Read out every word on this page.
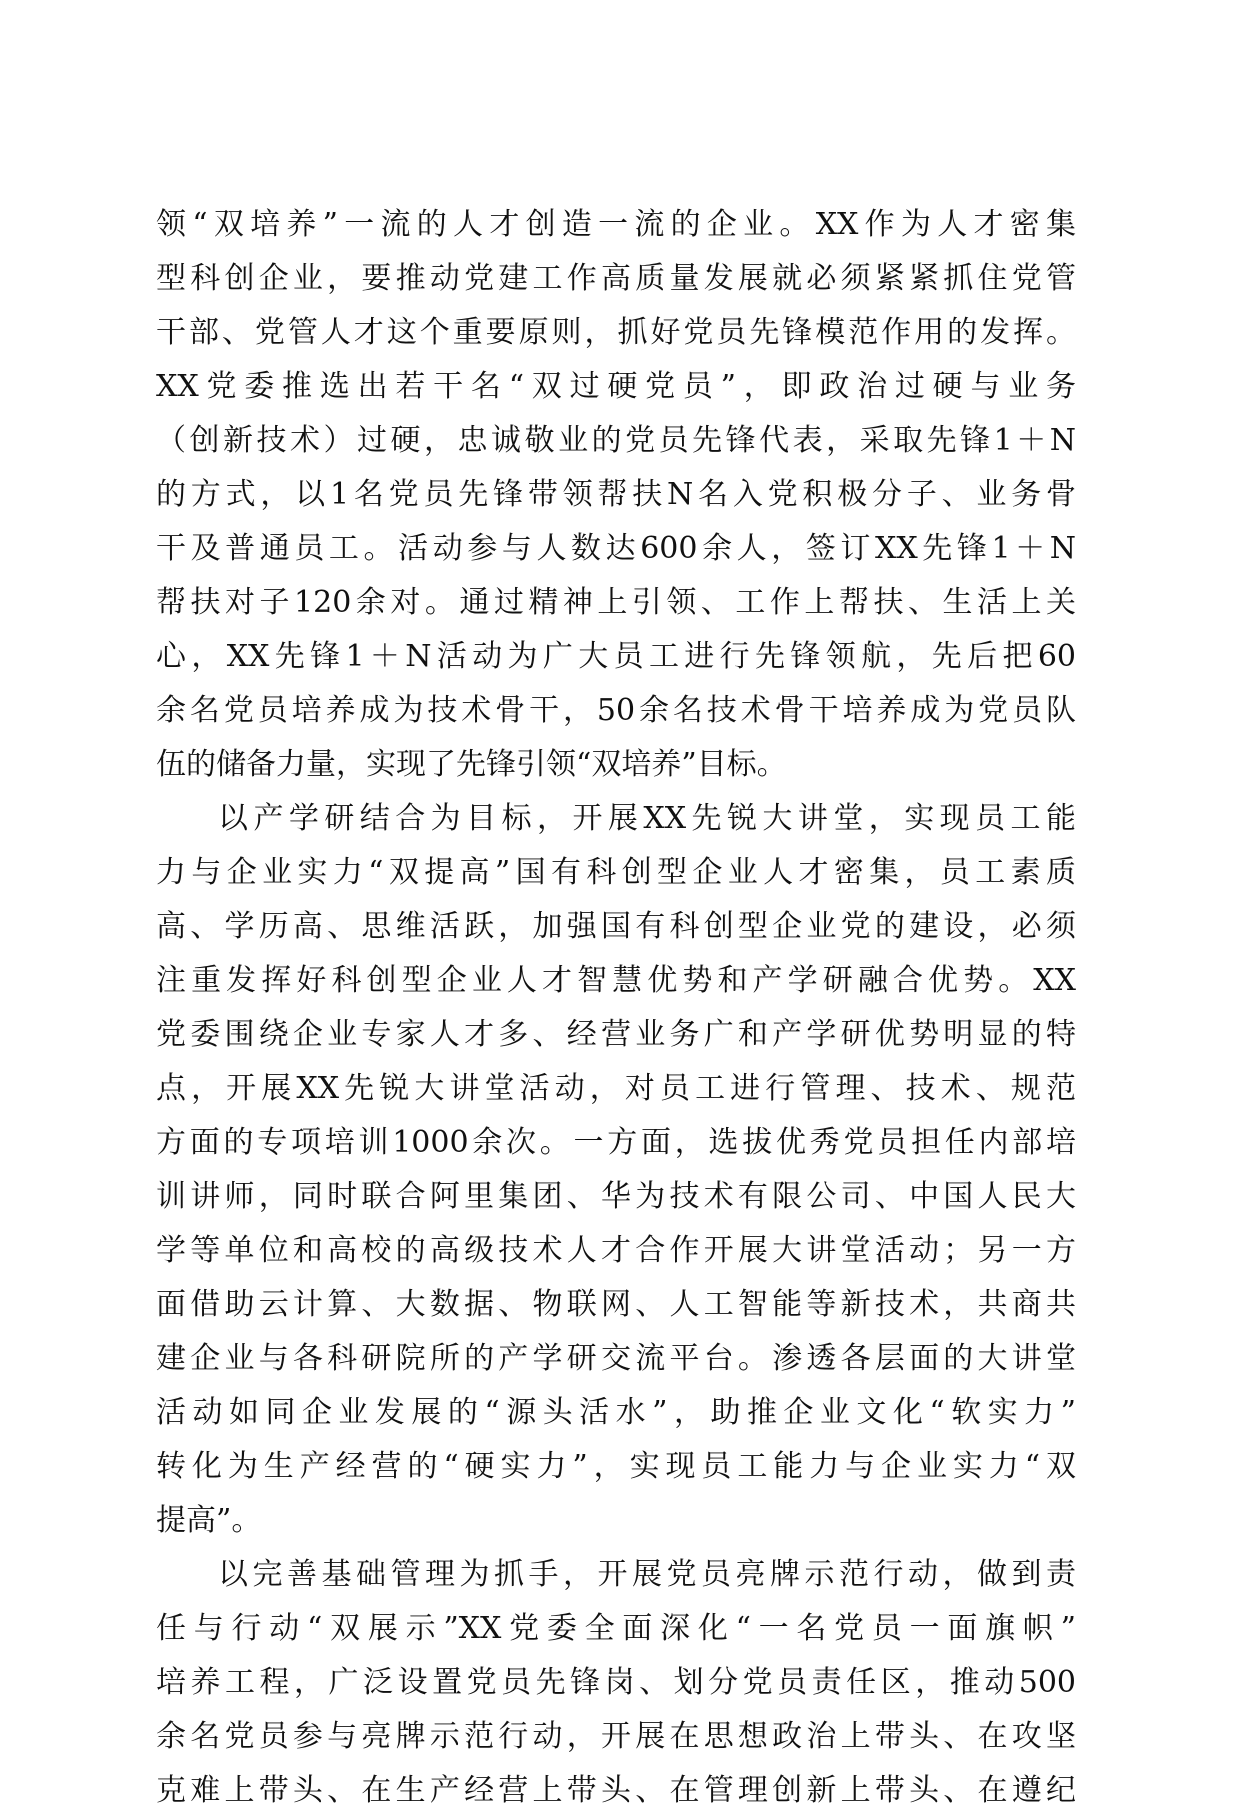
领“双培养”一流的人才创造一流的企业。XX作为人才密集
型科创企业，要推动党建工作高质量发展就必须紧紧抓住党管
干部、党管人才这个重要原则，抓好党员先锋模范作用的发挥。
XX党委推选出若干名“双过硬党员”，即政治过硬与业务
（创新技术）过硬，忠诚敬业的党员先锋代表，采取先锋1＋N
的方式，以1名党员先锋带领帮扶N名入党积极分子、业务骨
干及普通员工。活动参与人数达600余人，签订XX先锋1＋N
帮扶对子120余对。通过精神上引领、工作上帮扶、生活上关
心，XX先锋1＋N活动为广大员工进行先锋领航，先后把60
余名党员培养成为技术骨干，50余名技术骨干培养成为党员队
伍的储备力量，实现了先锋引领“双培养”目标。
以产学研结合为目标，开展XX先锐大讲堂，实现员工能
力与企业实力“双提高”国有科创型企业人才密集，员工素质
高、学历高、思维活跃，加强国有科创型企业党的建设，必须
注重发挥好科创型企业人才智慧优势和产学研融合优势。XX
党委围绕企业专家人才多、经营业务广和产学研优势明显的特
点，开展XX先锐大讲堂活动，对员工进行管理、技术、规范
方面的专项培训1000余次。一方面，选拔优秀党员担任内部培
训讲师，同时联合阿里集团、华为技术有限公司、中国人民大
学等单位和高校的高级技术人才合作开展大讲堂活动；另一方
面借助云计算、大数据、物联网、人工智能等新技术，共商共
建企业与各科研院所的产学研交流平台。渗透各层面的大讲堂
活动如同企业发展的“源头活水”，助推企业文化“软实力”
转化为生产经营的“硬实力”，实现员工能力与企业实力“双
提高”。
以完善基础管理为抓手，开展党员亮牌示范行动，做到责
任与行动“双展示”XX党委全面深化“一名党员一面旗帜”
培养工程，广泛设置党员先锋岗、划分党员责任区，推动500
余名党员参与亮牌示范行动，开展在思想政治上带头、在攻坚
克难上带头、在生产经营上带头、在管理创新上带头、在遵纪
